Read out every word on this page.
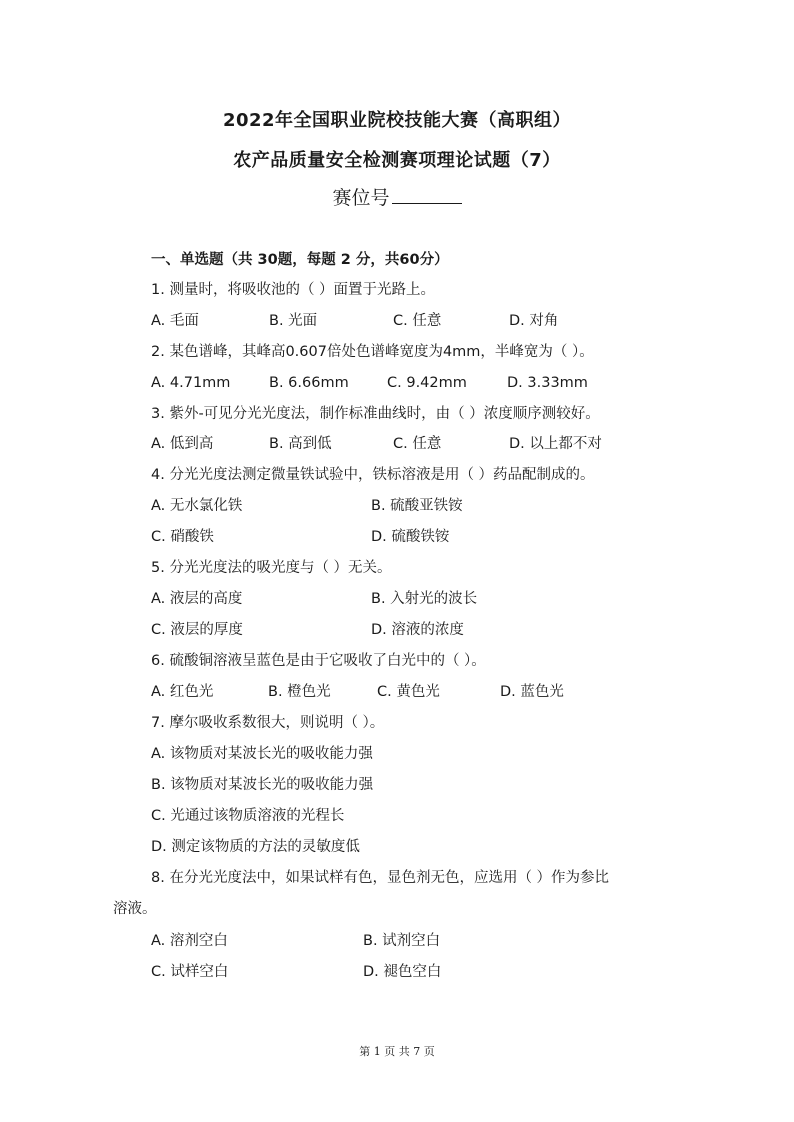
2022年全国职业院校技能大赛（高职组）
农产品质量安全检测赛项理论试题（7）
赛位号
一、单选题（共 30题，每题 2 分，共60分）
1. 测量时，将吸收池的（ ）面置于光路上。
A. 毛面	B. 光面	C. 任意	D. 对角
2. 某色谱峰，其峰高0.607倍处色谱峰宽度为4mm，半峰宽为（ ）。
A. 4.71mm	B. 6.66mm	C. 9.42mm	D. 3.33mm
3. 紫外-可见分光光度法，制作标准曲线时，由（ ）浓度顺序测较好。
A. 低到高	B. 高到低	C. 任意	D. 以上都不对
4. 分光光度法测定微量铁试验中，铁标溶液是用（ ）药品配制成的。
A. 无水氯化铁	B. 硫酸亚铁铵
C. 硝酸铁	D. 硫酸铁铵
5. 分光光度法的吸光度与（ ）无关。
A. 液层的高度	B. 入射光的波长
C. 液层的厚度	D. 溶液的浓度
6. 硫酸铜溶液呈蓝色是由于它吸收了白光中的（ ）。
A. 红色光	B. 橙色光	C. 黄色光	D. 蓝色光
7. 摩尔吸收系数很大，则说明（ ）。
A. 该物质对某波长光的吸收能力强
B. 该物质对某波长光的吸收能力强
C. 光通过该物质溶液的光程长
D. 测定该物质的方法的灵敏度低
8. 在分光光度法中，如果试样有色，显色剂无色，应选用（ ）作为参比
溶液。
A. 溶剂空白	B. 试剂空白
C. 试样空白	D. 褪色空白
第 1 页 共 7 页
